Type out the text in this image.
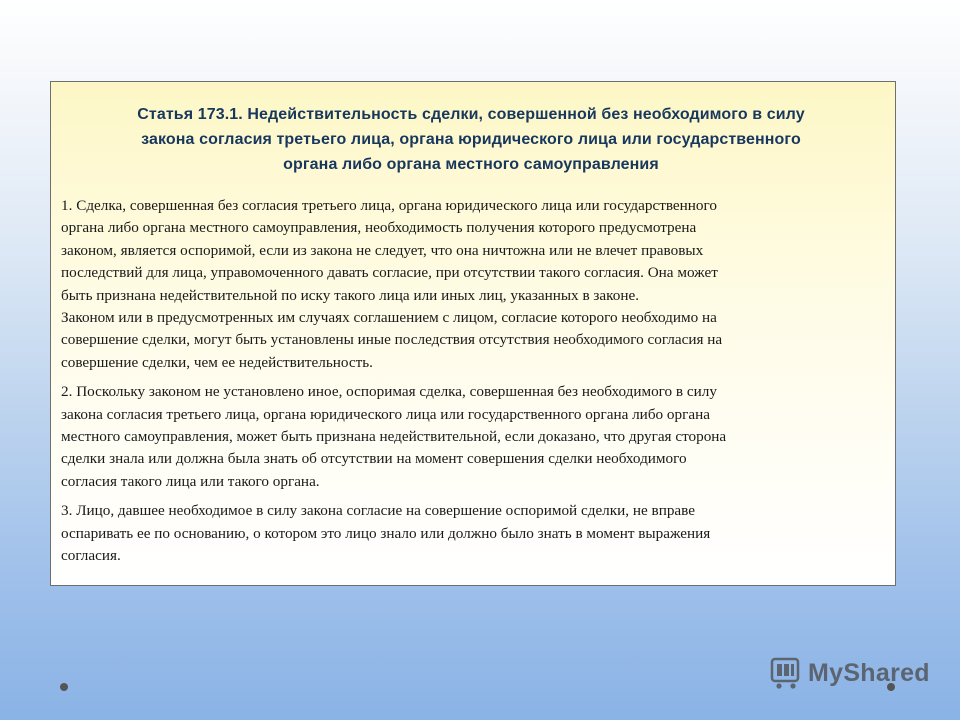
Статья 173.1. Недействительность сделки, совершенной без необходимого в силу
закона согласия третьего лица, органа юридического лица или государственного
органа либо органа местного самоуправления

1. Сделка, совершенная без согласия третьего лица, органа юридического лица или государственного
органа либо органа местного самоуправления, необходимость получения которого предусмотрена
законом, является оспоримой, если из закона не следует, что она ничтожна или не влечет правовых
последствий для лица, управомоченного давать согласие, при отсутствии такого согласия. Она может
быть признана недействительной по иску такого лица или иных лиц, указанных в законе.
Законом или в предусмотренных им случаях соглашением с лицом, согласие которого необходимо на
совершение сделки, могут быть установлены иные последствия отсутствия необходимого согласия на
совершение сделки, чем ее недействительность.

2. Поскольку законом не установлено иное, оспоримая сделка, совершенная без необходимого в силу
закона согласия третьего лица, органа юридического лица или государственного органа либо органа
местного самоуправления, может быть признана недействительной, если доказано, что другая сторона
сделки знала или должна была знать об отсутствии на момент совершения сделки необходимого
согласия такого лица или такого органа.

3. Лицо, давшее необходимое в силу закона согласие на совершение оспоримой сделки, не вправе
оспаривать ее по основанию, о котором это лицо знало или должно было знать в момент выражения
согласия.

MyShared
